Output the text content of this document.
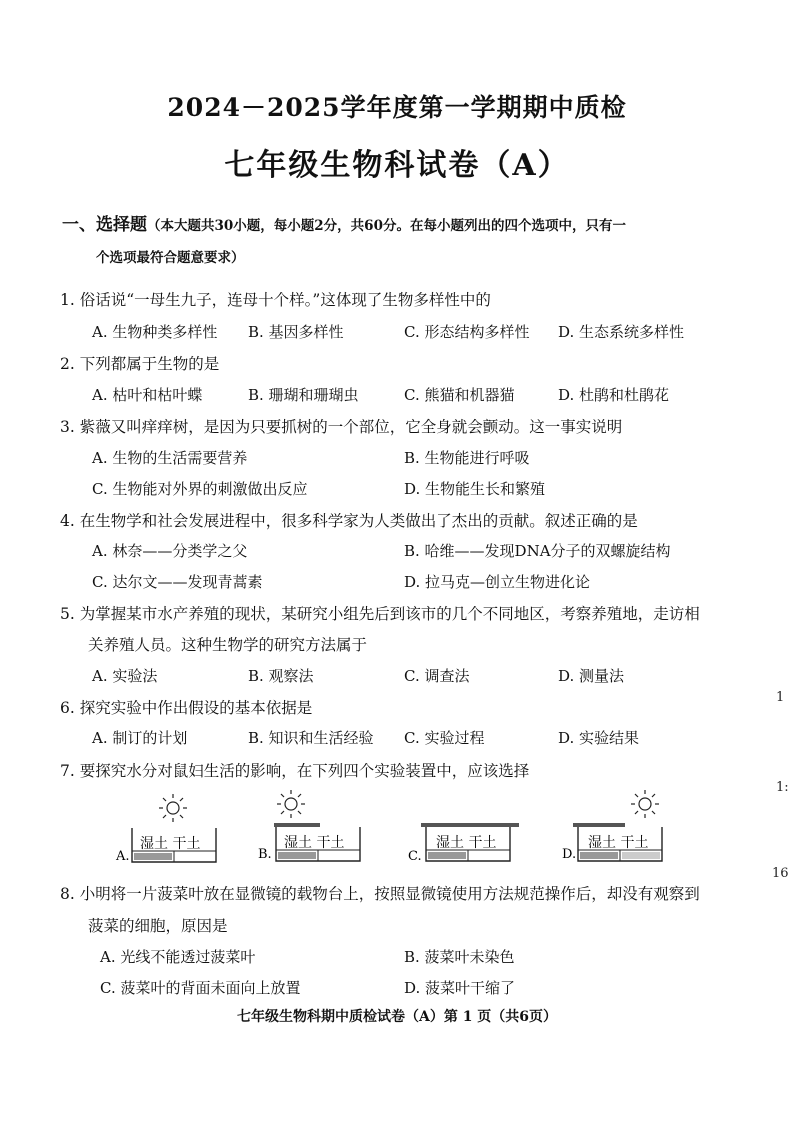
2024－2025学年度第一学期期中质检
七年级生物科试卷（A）
一、选择题（本大题共30小题，每小题2分，共60分。在每小题列出的四个选项中，只有一
个选项最符合题意要求）
1. 俗话说“一母生九子，连母十个样。”这体现了生物多样性中的
A. 生物种类多样性 B. 基因多样性	C. 形态结构多样性 D. 生态系统多样性
2. 下列都属于生物的是
A. 枯叶和枯叶蝶	B. 珊瑚和珊瑚虫	C. 熊猫和机器猫	D. 杜鹃和杜鹃花
3. 紫薇又叫痒痒树，是因为只要抓树的一个部位，它全身就会颤动。这一事实说明
A. 生物的生活需要营养	B. 生物能进行呼吸
C. 生物能对外界的刺激做出反应	D. 生物能生长和繁殖
4. 在生物学和社会发展进程中，很多科学家为人类做出了杰出的贡献。叙述正确的是
A. 林奈——分类学之父	B. 哈维——发现DNA分子的双螺旋结构
C. 达尔文——发现青蒿素	D. 拉马克—创立生物进化论
5. 为掌握某市水产养殖的现状，某研究小组先后到该市的几个不同地区，考察养殖地，走访相
关养殖人员。这种生物学的研究方法属于
A. 实验法	B. 观察法	C. 调查法	D. 测量法
6. 探究实验中作出假设的基本依据是
A. 制订的计划	B. 知识和生活经验 C. 实验过程	D. 实验结果
7. 要探究水分对鼠妇生活的影响，在下列四个实验装置中，应该选择
A.
湿土 干土
B.
湿土 干土
C.
湿土 干土
D.
湿土 干土
8. 小明将一片菠菜叶放在显微镜的载物台上，按照显微镜使用方法规范操作后，却没有观察到
菠菜的细胞，原因是
A. 光线不能透过菠菜叶	B. 菠菜叶未染色
C. 菠菜叶的背面未面向上放置	D. 菠菜叶干缩了
七年级生物科期中质检试卷（A）第 1 页（共6页）
1
1:
16
